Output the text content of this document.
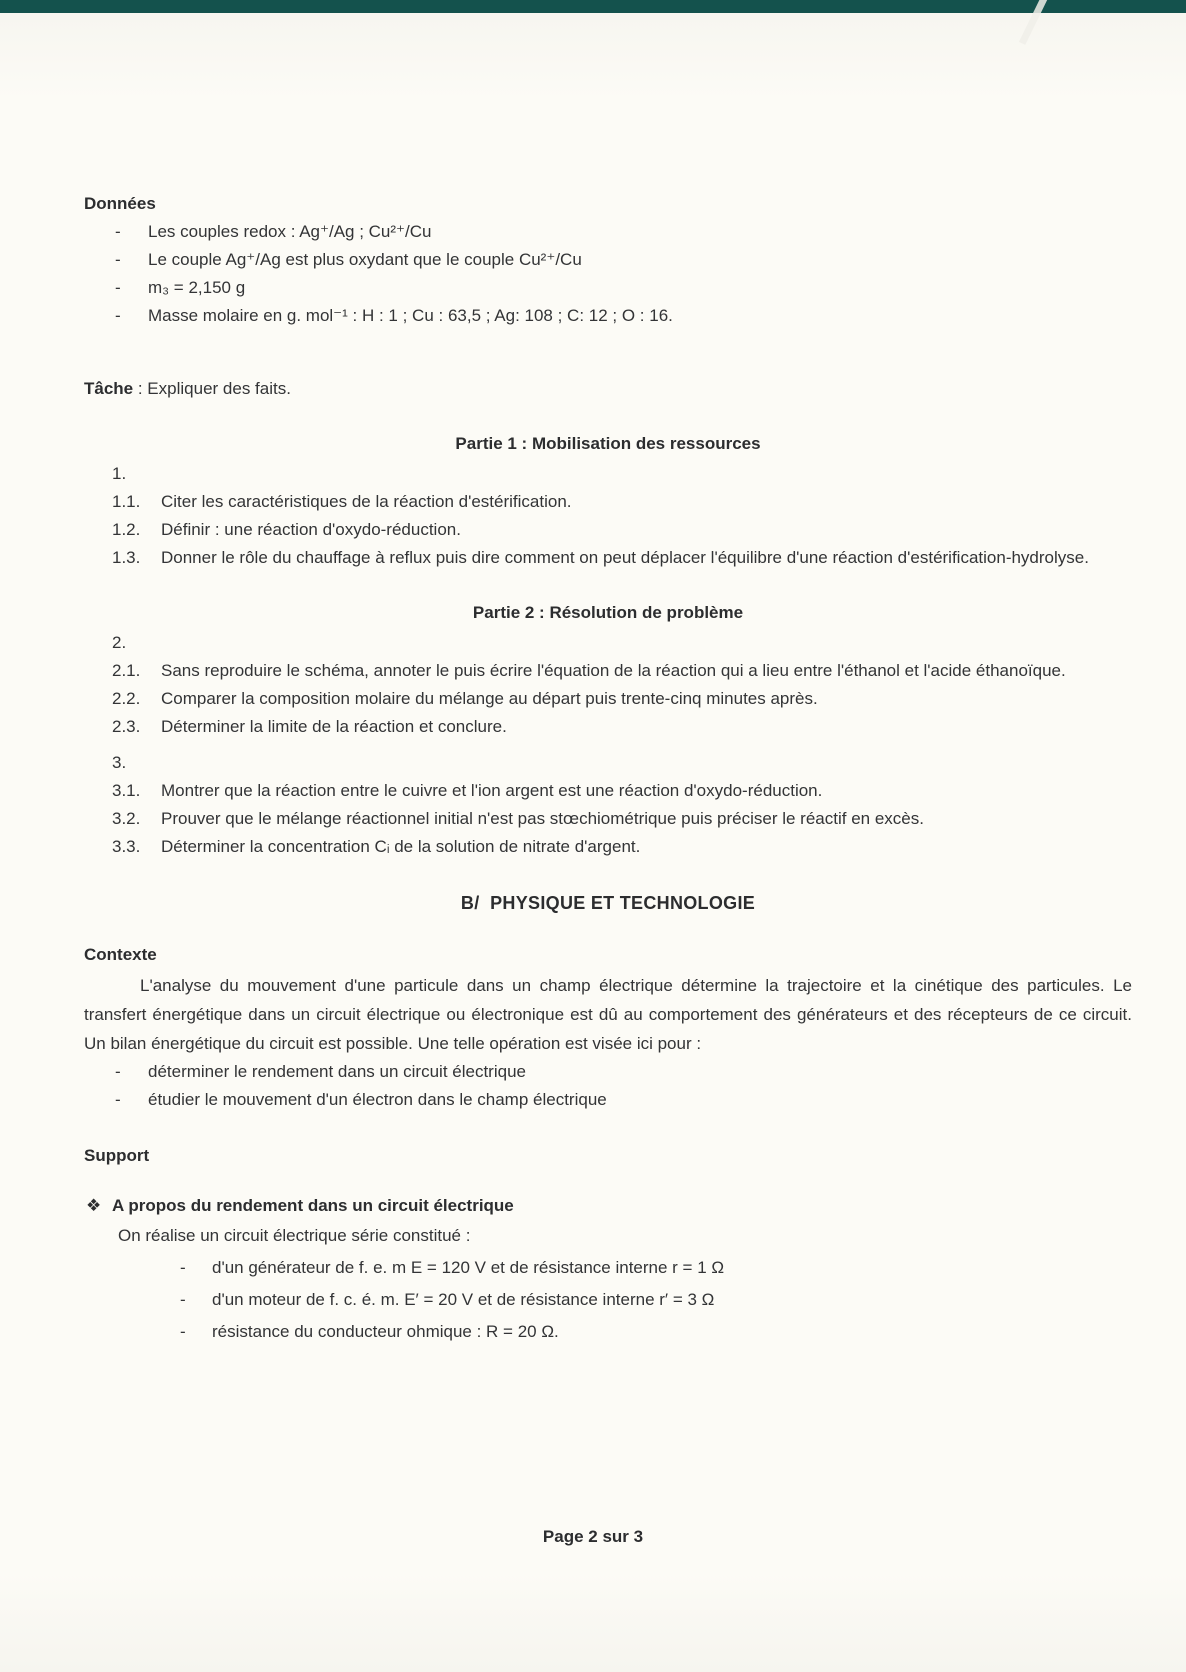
Données
-	Les couples redox : Ag⁺/Ag ; Cu²⁺/Cu
-	Le couple Ag⁺/Ag est plus oxydant que le couple Cu²⁺/Cu
-	m₃ = 2,150 g
-	Masse molaire en g. mol⁻¹ : H : 1 ; Cu : 63,5 ; Ag: 108 ; C: 12 ; O : 16.
Tâche : Expliquer des faits.
Partie 1 : Mobilisation des ressources
1.
1.1.	Citer les caractéristiques de la réaction d'estérification.
1.2.	Définir : une réaction d'oxydo-réduction.
1.3.	Donner le rôle du chauffage à reflux puis dire comment on peut déplacer l'équilibre d'une réaction d'estérification-hydrolyse.
Partie 2 : Résolution de problème
2.
2.1.	Sans reproduire le schéma, annoter le puis écrire l'équation de la réaction qui a lieu entre l'éthanol et l'acide éthanoïque.
2.2.	Comparer la composition molaire du mélange au départ puis trente-cinq minutes après.
2.3.	Déterminer la limite de la réaction et conclure.
3.
3.1.	Montrer que la réaction entre le cuivre et l'ion argent est une réaction d'oxydo-réduction.
3.2.	Prouver que le mélange réactionnel initial n'est pas stœchiométrique puis préciser le réactif en excès.
3.3.	Déterminer la concentration Cᵢ de la solution de nitrate d'argent.
B/  PHYSIQUE ET TECHNOLOGIE
Contexte
L'analyse du mouvement d'une particule dans un champ électrique détermine la trajectoire et la cinétique des particules. Le transfert énergétique dans un circuit électrique ou électronique est dû au comportement des générateurs et des récepteurs de ce circuit. Un bilan énergétique du circuit est possible. Une telle opération est visée ici pour :
-	déterminer le rendement dans un circuit électrique
-	étudier le mouvement d'un électron dans le champ électrique
Support
❖ A propos du rendement dans un circuit électrique
On réalise un circuit électrique série constitué :
-	d'un générateur de f. e. m E = 120 V et de résistance interne r = 1 Ω
-	d'un moteur de f. c. é. m. E′ = 20 V et de résistance interne r′ = 3 Ω
-	résistance du conducteur ohmique : R = 20 Ω.
Page 2 sur 3
